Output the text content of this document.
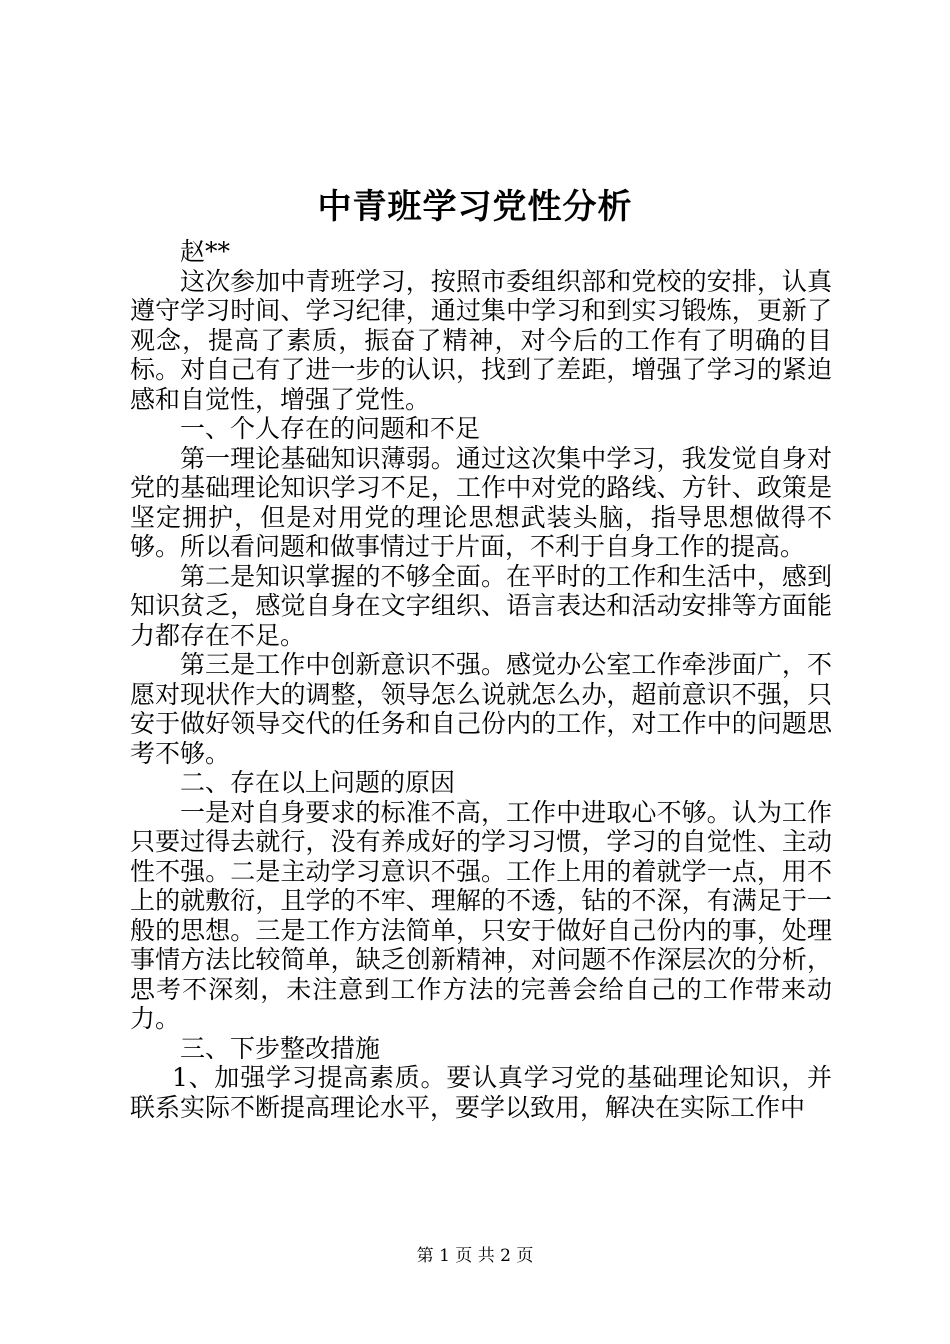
中青班学习党性分析

赵**

这次参加中青班学习，按照市委组织部和党校的安排，认真遵守学习时间、学习纪律，通过集中学习和到实习锻炼，更新了观念，提高了素质，振奋了精神，对今后的工作有了明确的目标。对自己有了进一步的认识，找到了差距，增强了学习的紧迫感和自觉性，增强了党性。

一、个人存在的问题和不足

第一理论基础知识薄弱。通过这次集中学习，我发觉自身对党的基础理论知识学习不足，工作中对党的路线、方针、政策是坚定拥护，但是对用党的理论思想武装头脑，指导思想做得不够。所以看问题和做事情过于片面，不利于自身工作的提高。

第二是知识掌握的不够全面。在平时的工作和生活中，感到知识贫乏，感觉自身在文字组织、语言表达和活动安排等方面能力都存在不足。

第三是工作中创新意识不强。感觉办公室工作牵涉面广，不愿对现状作大的调整，领导怎么说就怎么办，超前意识不强，只安于做好领导交代的任务和自己份内的工作，对工作中的问题思考不够。

二、存在以上问题的原因

一是对自身要求的标准不高，工作中进取心不够。认为工作只要过得去就行，没有养成好的学习习惯，学习的自觉性、主动性不强。二是主动学习意识不强。工作上用的着就学一点，用不上的就敷衍，且学的不牢、理解的不透，钻的不深，有满足于一般的思想。三是工作方法简单，只安于做好自己份内的事，处理事情方法比较简单，缺乏创新精神，对问题不作深层次的分析，思考不深刻，未注意到工作方法的完善会给自己的工作带来动力。

三、下步整改措施

1、加强学习提高素质。要认真学习党的基础理论知识，并联系实际不断提高理论水平，要学以致用，解决在实际工作中

第 1 页 共 2 页
